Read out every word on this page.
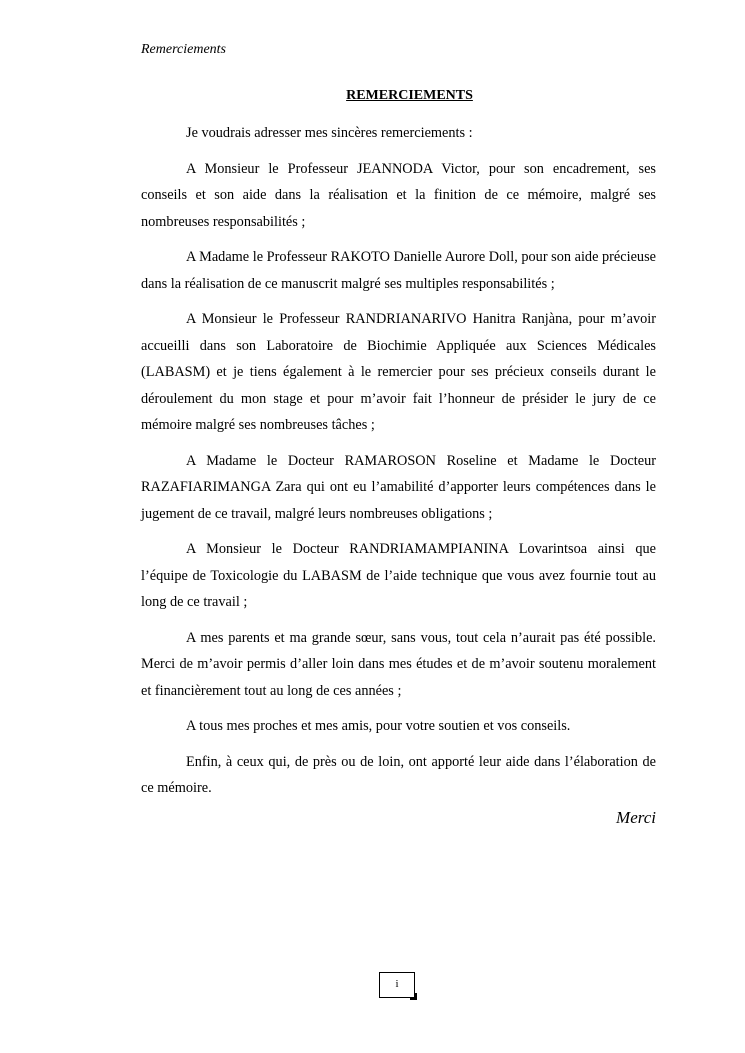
Remerciements

REMERCIEMENTS

Je voudrais adresser mes sincères remerciements :

A Monsieur le Professeur JEANNODA Victor, pour son encadrement, ses conseils et son aide dans la réalisation et la finition de ce mémoire, malgré ses nombreuses responsabilités ;

A Madame le Professeur RAKOTO Danielle Aurore Doll, pour son aide précieuse dans la réalisation de ce manuscrit malgré ses multiples responsabilités ;

A Monsieur le Professeur RANDRIANARIVO Hanitra Ranjàna, pour m’avoir accueilli dans son Laboratoire de Biochimie Appliquée aux Sciences Médicales (LABASM) et je tiens également à le remercier pour ses précieux conseils durant le déroulement du mon stage et pour m’avoir fait l’honneur de présider le jury de ce mémoire malgré ses nombreuses tâches ;

A Madame le Docteur RAMAROSON Roseline et Madame le Docteur RAZAFIARIMANGA Zara qui ont eu l’amabilité d’apporter leurs compétences dans le jugement de ce travail, malgré leurs nombreuses obligations ;

A Monsieur le Docteur RANDRIAMAMPIANINA Lovarintsoa ainsi que l’équipe de Toxicologie du LABASM de l’aide technique que vous avez fournie tout au long de ce travail ;

A mes parents et ma grande sœur, sans vous, tout cela n’aurait pas été possible. Merci de m’avoir permis d’aller loin dans mes études et de m’avoir soutenu moralement et financièrement tout au long de ces années ;

A tous mes proches et mes amis, pour votre soutien et vos conseils.

Enfin, à ceux qui, de près ou de loin, ont apporté leur aide dans l’élaboration de ce mémoire.

Merci

i
